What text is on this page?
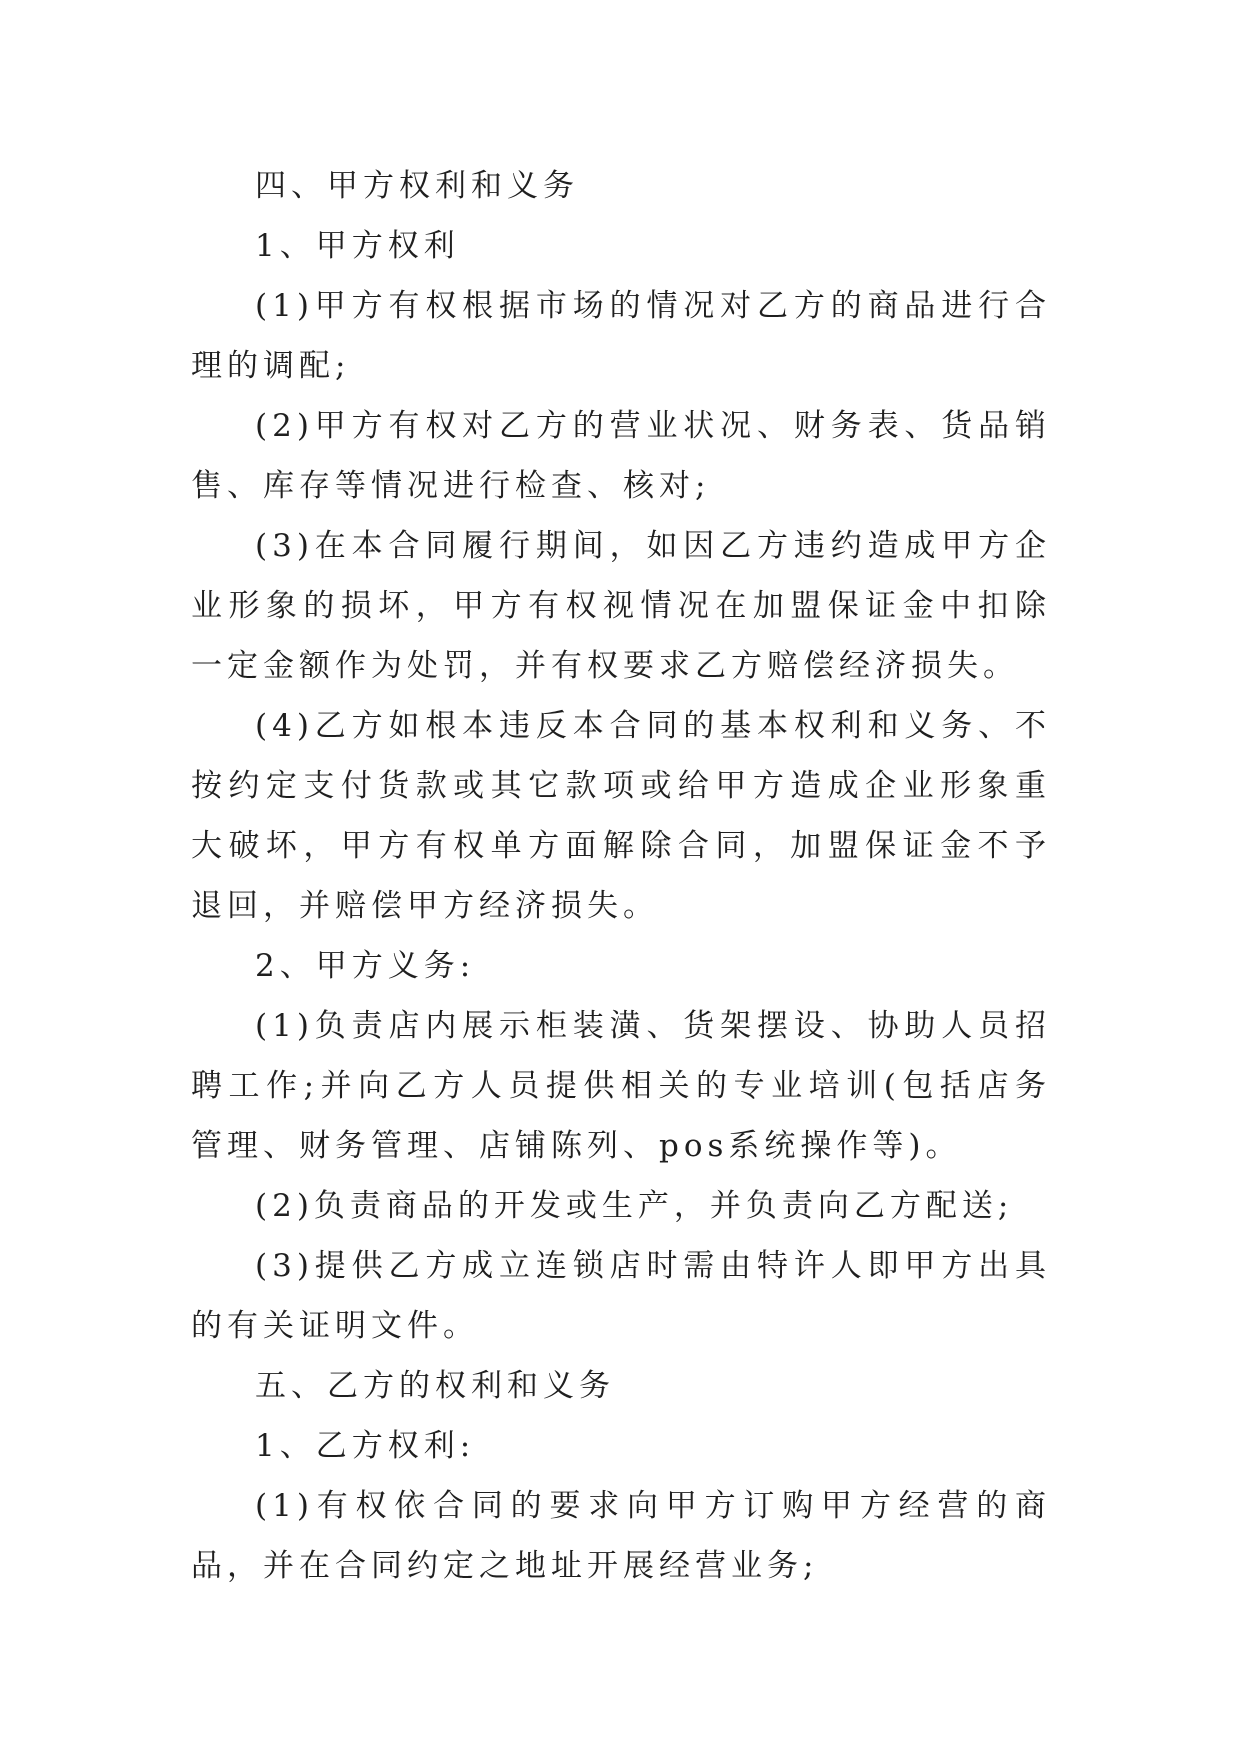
四、甲方权利和义务

1、甲方权利

(1)甲方有权根据市场的情况对乙方的商品进行合理的调配;

(2)甲方有权对乙方的营业状况、财务表、货品销售、库存等情况进行检查、核对;

(3)在本合同履行期间，如因乙方违约造成甲方企业形象的损坏，甲方有权视情况在加盟保证金中扣除一定金额作为处罚，并有权要求乙方赔偿经济损失。

(4)乙方如根本违反本合同的基本权利和义务、不按约定支付货款或其它款项或给甲方造成企业形象重大破坏，甲方有权单方面解除合同，加盟保证金不予退回，并赔偿甲方经济损失。

2、甲方义务:

(1)负责店内展示柜装潢、货架摆设、协助人员招聘工作;并向乙方人员提供相关的专业培训(包括店务管理、财务管理、店铺陈列、pos系统操作等)。

(2)负责商品的开发或生产，并负责向乙方配送;

(3)提供乙方成立连锁店时需由特许人即甲方出具的有关证明文件。

五、乙方的权利和义务

1、乙方权利:

(1)有权依合同的要求向甲方订购甲方经营的商品，并在合同约定之地址开展经营业务;
